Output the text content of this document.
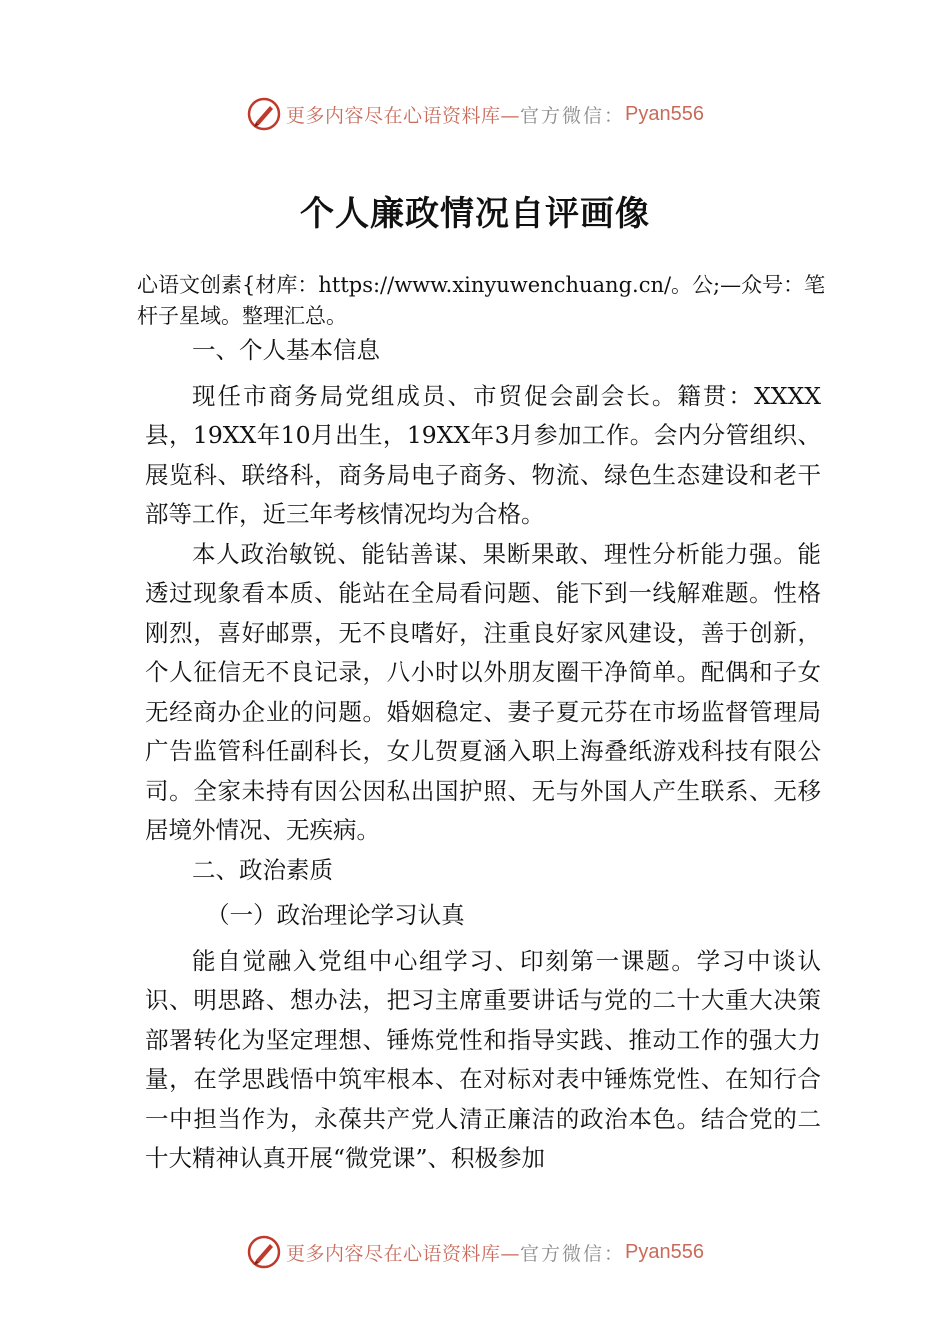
更多内容尽在心语资料库— 官方微信： Pyan556
个人廉政情况自评画像
心语文创素{材库：https://www.xinyuwenchuang.cn/。公;—众号：笔杆子星域。整理汇总。

一、个人基本信息

现任市商务局党组成员、市贸促会副会长。籍贯：XXXX县，19XX年10月出生，19XX年3月参加工作。会内分管组织、展览科、联络科，商务局电子商务、物流、绿色生态建设和老干部等工作，近三年考核情况均为合格。

本人政治敏锐、能钻善谋、果断果敢、理性分析能力强。能透过现象看本质、能站在全局看问题、能下到一线解难题。性格刚烈，喜好邮票，无不良嗜好，注重良好家风建设，善于创新，个人征信无不良记录，八小时以外朋友圈干净简单。配偶和子女无经商办企业的问题。婚姻稳定、妻子夏元芬在市场监督管理局广告监管科任副科长，女儿贺夏涵入职上海叠纸游戏科技有限公司。全家未持有因公因私出国护照、无与外国人产生联系、无移居境外情况、无疾病。

二、政治素质

（一）政治理论学习认真

能自觉融入党组中心组学习、印刻第一课题。学习中谈认识、明思路、想办法，把习主席重要讲话与党的二十大重大决策部署转化为坚定理想、锤炼党性和指导实践、推动工作的强大力量，在学思践悟中筑牢根本、在对标对表中锤炼党性、在知行合一中担当作为，永葆共产党人清正廉洁的政治本色。结合党的二十大精神认真开展“微党课”、积极参加

更多内容尽在心语资料库— 官方微信： Pyan556
